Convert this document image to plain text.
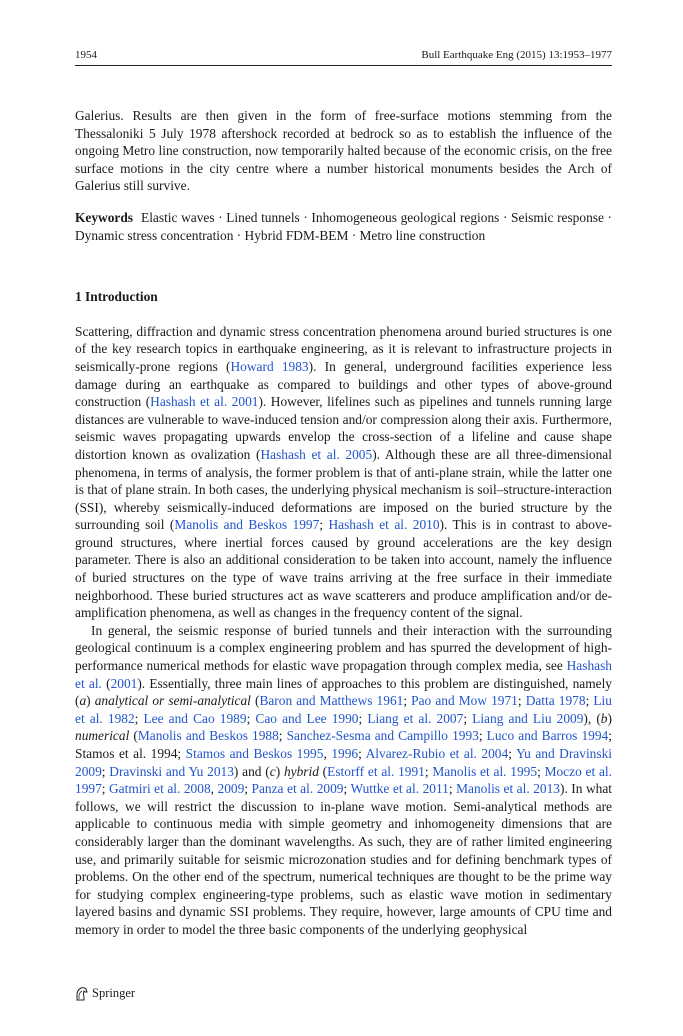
1954	Bull Earthquake Eng (2015) 13:1953–1977

Galerius. Results are then given in the form of free-surface motions stemming from the Thessaloniki 5 July 1978 aftershock recorded at bedrock so as to establish the influence of the ongoing Metro line construction, now temporarily halted because of the economic crisis, on the free surface motions in the city centre where a number historical monuments besides the Arch of Galerius still survive.

Keywords Elastic waves · Lined tunnels · Inhomogeneous geological regions · Seismic response · Dynamic stress concentration · Hybrid FDM-BEM · Metro line construction

1 Introduction

Scattering, diffraction and dynamic stress concentration phenomena around buried structures is one of the key research topics in earthquake engineering, as it is relevant to infrastructure projects in seismically-prone regions (Howard 1983). In general, underground facilities experience less damage during an earthquake as compared to buildings and other types of above-ground construction (Hashash et al. 2001). However, lifelines such as pipelines and tunnels running large distances are vulnerable to wave-induced tension and/or compression along their axis. Furthermore, seismic waves propagating upwards envelop the cross-section of a lifeline and cause shape distortion known as ovalization (Hashash et al. 2005). Although these are all three-dimensional phenomena, in terms of analysis, the former problem is that of anti-plane strain, while the latter one is that of plane strain. In both cases, the underlying physical mechanism is soil–structure-interaction (SSI), whereby seismically-induced deformations are imposed on the buried structure by the surrounding soil (Manolis and Beskos 1997; Hashash et al. 2010). This is in contrast to above-ground structures, where inertial forces caused by ground accelerations are the key design parameter. There is also an additional consideration to be taken into account, namely the influence of buried structures on the type of wave trains arriving at the free surface in their immediate neighborhood. These buried structures act as wave scatterers and produce amplification and/or de-amplification phenomena, as well as changes in the frequency content of the signal.

In general, the seismic response of buried tunnels and their interaction with the surrounding geological continuum is a complex engineering problem and has spurred the development of high-performance numerical methods for elastic wave propagation through complex media, see Hashash et al. (2001). Essentially, three main lines of approaches to this problem are distinguished, namely (a) analytical or semi-analytical (Baron and Matthews 1961; Pao and Mow 1971; Datta 1978; Liu et al. 1982; Lee and Cao 1989; Cao and Lee 1990; Liang et al. 2007; Liang and Liu 2009), (b) numerical (Manolis and Beskos 1988; Sanchez-Sesma and Campillo 1993; Luco and Barros 1994; Stamos et al. 1994; Stamos and Beskos 1995, 1996; Alvarez-Rubio et al. 2004; Yu and Dravinski 2009; Dravinski and Yu 2013) and (c) hybrid (Estorff et al. 1991; Manolis et al. 1995; Moczo et al. 1997; Gatmiri et al. 2008, 2009; Panza et al. 2009; Wuttke et al. 2011; Manolis et al. 2013). In what follows, we will restrict the discussion to in-plane wave motion. Semi-analytical methods are applicable to continuous media with simple geometry and inhomogeneity dimensions that are considerably larger than the dominant wavelengths. As such, they are of rather limited engineering use, and primarily suitable for seismic microzonation studies and for defining benchmark types of problems. On the other end of the spectrum, numerical techniques are thought to be the prime way for studying complex engineering-type problems, such as elastic wave motion in sedimentary layered basins and dynamic SSI problems. They require, however, large amounts of CPU time and memory in order to model the three basic components of the underlying geophysical

Springer
